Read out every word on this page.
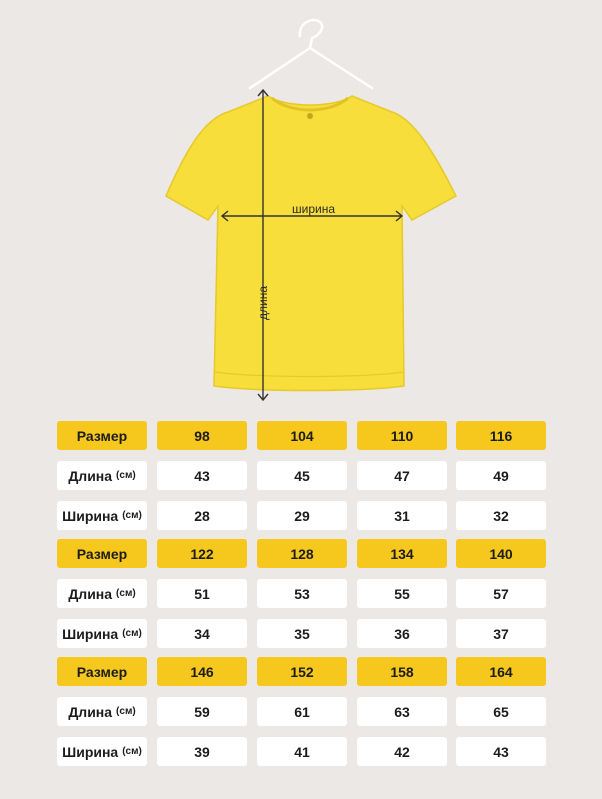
ширина
длина
Размер
Длина (см)
Ширина (см)
98
43
28
104
45
29
110
47
31
116
49
32
Размер
Длина (см)
Ширина (см)
122
51
34
128
53
35
134
55
36
140
57
37
Размер
Длина (см)
Ширина (см)
146
59
39
152
61
41
158
63
42
164
65
43
